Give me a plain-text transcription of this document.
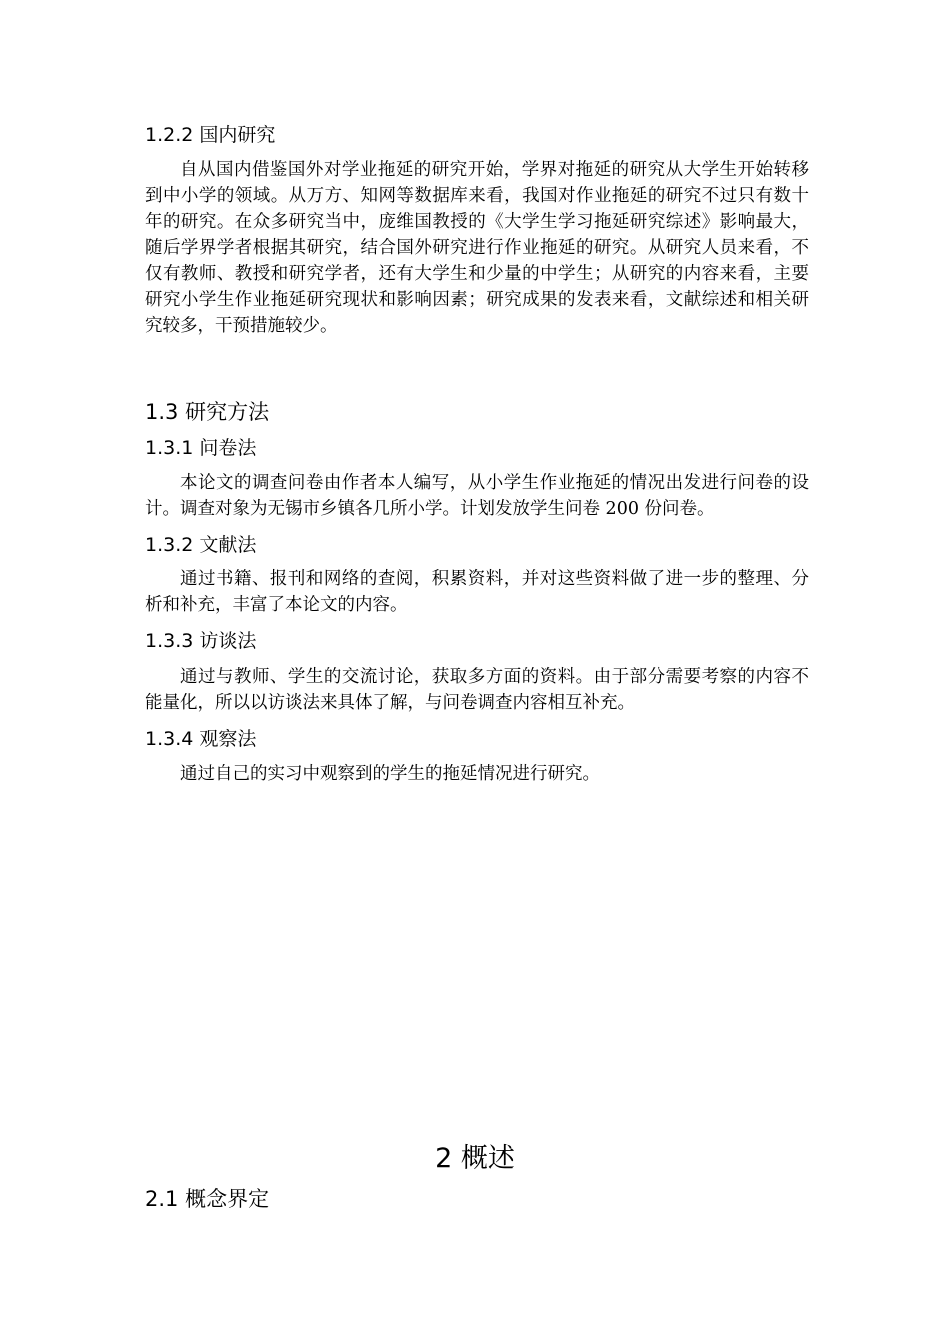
1.2.2 国内研究

自从国内借鉴国外对学业拖延的研究开始，学界对拖延的研究从大学生开始转移到中小学的领域。从万方、知网等数据库来看，我国对作业拖延的研究不过只有数十年的研究。在众多研究当中，庞维国教授的《大学生学习拖延研究综述》影响最大，随后学界学者根据其研究，结合国外研究进行作业拖延的研究。从研究人员来看，不仅有教师、教授和研究学者，还有大学生和少量的中学生；从研究的内容来看，主要研究小学生作业拖延研究现状和影响因素；研究成果的发表来看，文献综述和相关研究较多，干预措施较少。

1.3 研究方法
1.3.1 问卷法

本论文的调查问卷由作者本人编写，从小学生作业拖延的情况出发进行问卷的设计。调查对象为无锡市乡镇各几所小学。计划发放学生问卷 200 份问卷。

1.3.2 文献法

通过书籍、报刊和网络的查阅，积累资料，并对这些资料做了进一步的整理、分析和补充，丰富了本论文的内容。

1.3.3 访谈法

通过与教师、学生的交流讨论，获取多方面的资料。由于部分需要考察的内容不能量化，所以以访谈法来具体了解，与问卷调查内容相互补充。

1.3.4 观察法

通过自己的实习中观察到的学生的拖延情况进行研究。

2 概述
2.1 概念界定
